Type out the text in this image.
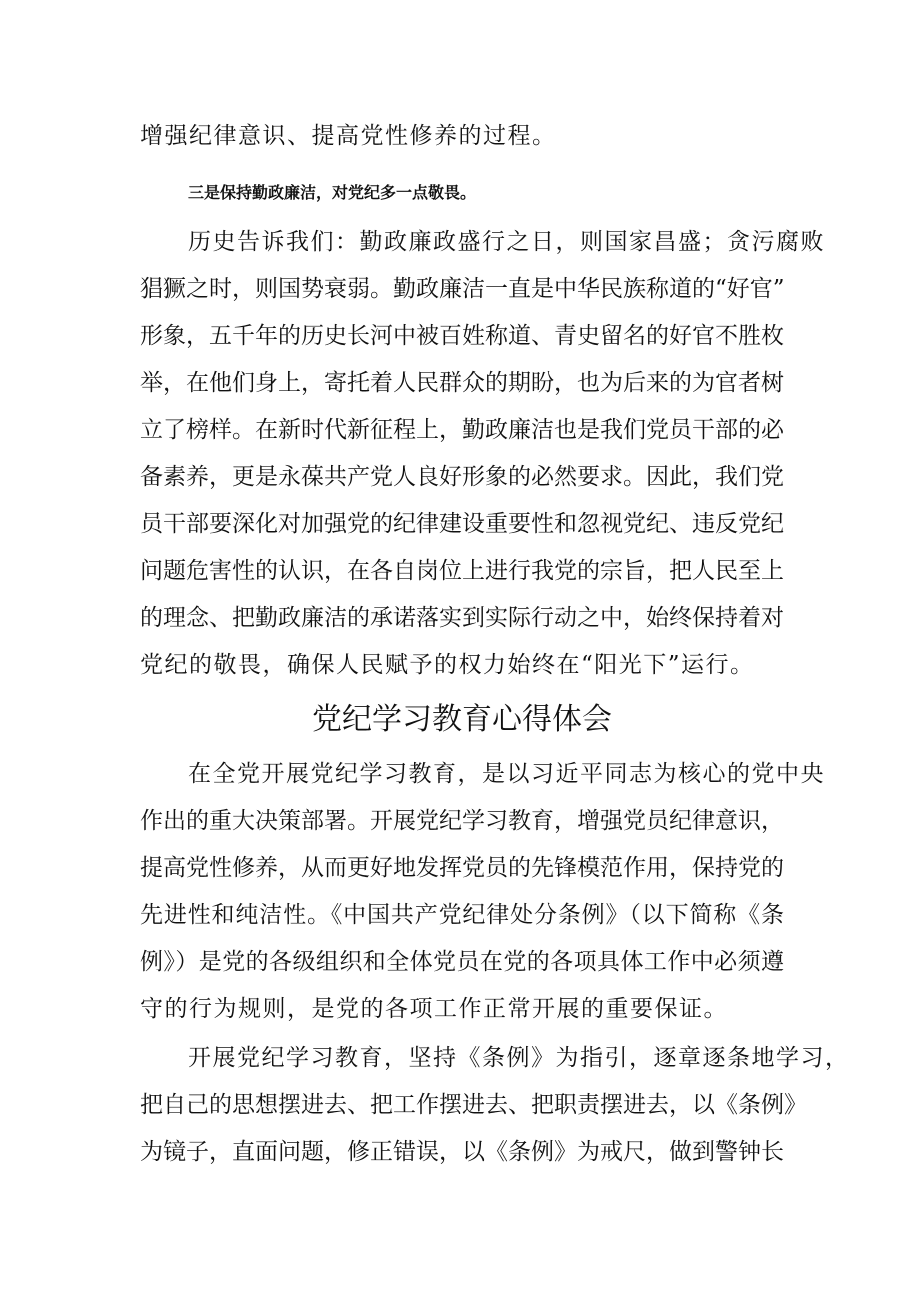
增强纪律意识、提高党性修养的过程。
三是保持勤政廉洁，对党纪多一点敬畏。
历史告诉我们：勤政廉政盛行之日，则国家昌盛；贪污腐败
猖獗之时，则国势衰弱。勤政廉洁一直是中华民族称道的“好官”
形象，五千年的历史长河中被百姓称道、青史留名的好官不胜枚
举，在他们身上，寄托着人民群众的期盼，也为后来的为官者树
立了榜样。在新时代新征程上，勤政廉洁也是我们党员干部的必
备素养，更是永葆共产党人良好形象的必然要求。因此，我们党
员干部要深化对加强党的纪律建设重要性和忽视党纪、违反党纪
问题危害性的认识，在各自岗位上进行我党的宗旨，把人民至上
的理念、把勤政廉洁的承诺落实到实际行动之中，始终保持着对
党纪的敬畏，确保人民赋予的权力始终在“阳光下”运行。
党纪学习教育心得体会
在全党开展党纪学习教育，是以习近平同志为核心的党中央
作出的重大决策部署。开展党纪学习教育，增强党员纪律意识，
提高党性修养，从而更好地发挥党员的先锋模范作用，保持党的
先进性和纯洁性。《中国共产党纪律处分条例》（以下简称《条
例》）是党的各级组织和全体党员在党的各项具体工作中必须遵
守的行为规则，是党的各项工作正常开展的重要保证。
开展党纪学习教育，坚持《条例》为指引，逐章逐条地学习，
把自己的思想摆进去、把工作摆进去、把职责摆进去，以《条例》
为镜子，直面问题，修正错误，以《条例》为戒尺，做到警钟长
